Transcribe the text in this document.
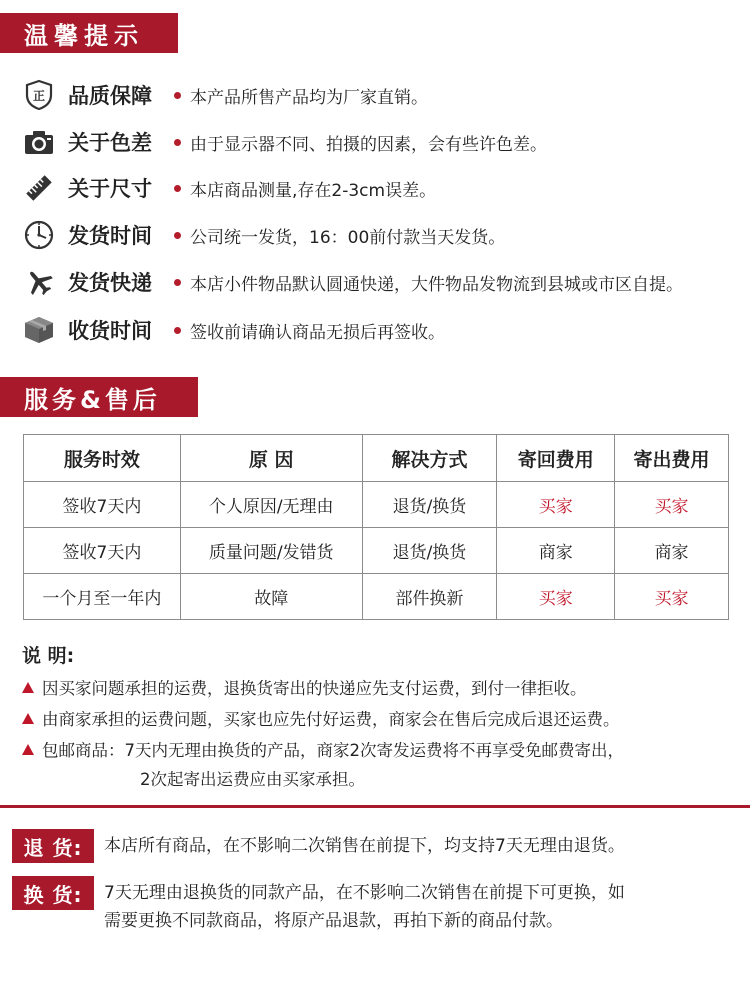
温馨提示
正 品质保障	本产品所售产品均为厂家直销。
关于色差	由于显示器不同、拍摄的因素，会有些许色差。
关于尺寸	本店商品测量,存在2-3cm误差。
发货时间	公司统一发货，16：00前付款当天发货。
发货快递	本店小件物品默认圆通快递，大件物品发物流到县城或市区自提。
收货时间	签收前请确认商品无损后再签收。
服务&售后
服务时效	原 因	解决方式	寄回费用	寄出费用
签收7天内	个人原因/无理由	退货/换货	买家	买家
签收7天内	质量问题/发错货	退货/换货	商家	商家
一个月至一年内	故障	部件换新	买家	买家
说 明:
因买家问题承担的运费，退换货寄出的快递应先支付运费，到付一律拒收。
由商家承担的运费问题，买家也应先付好运费，商家会在售后完成后退还运费。
包邮商品：7天内无理由换货的产品，商家2次寄发运费将不再享受免邮费寄出，
2次起寄出运费应由买家承担。
退 货:	本店所有商品，在不影响二次销售在前提下，均支持7天无理由退货。
换 货:	7天无理由退换货的同款产品，在不影响二次销售在前提下可更换，如
需要更换不同款商品，将原产品退款，再拍下新的商品付款。
